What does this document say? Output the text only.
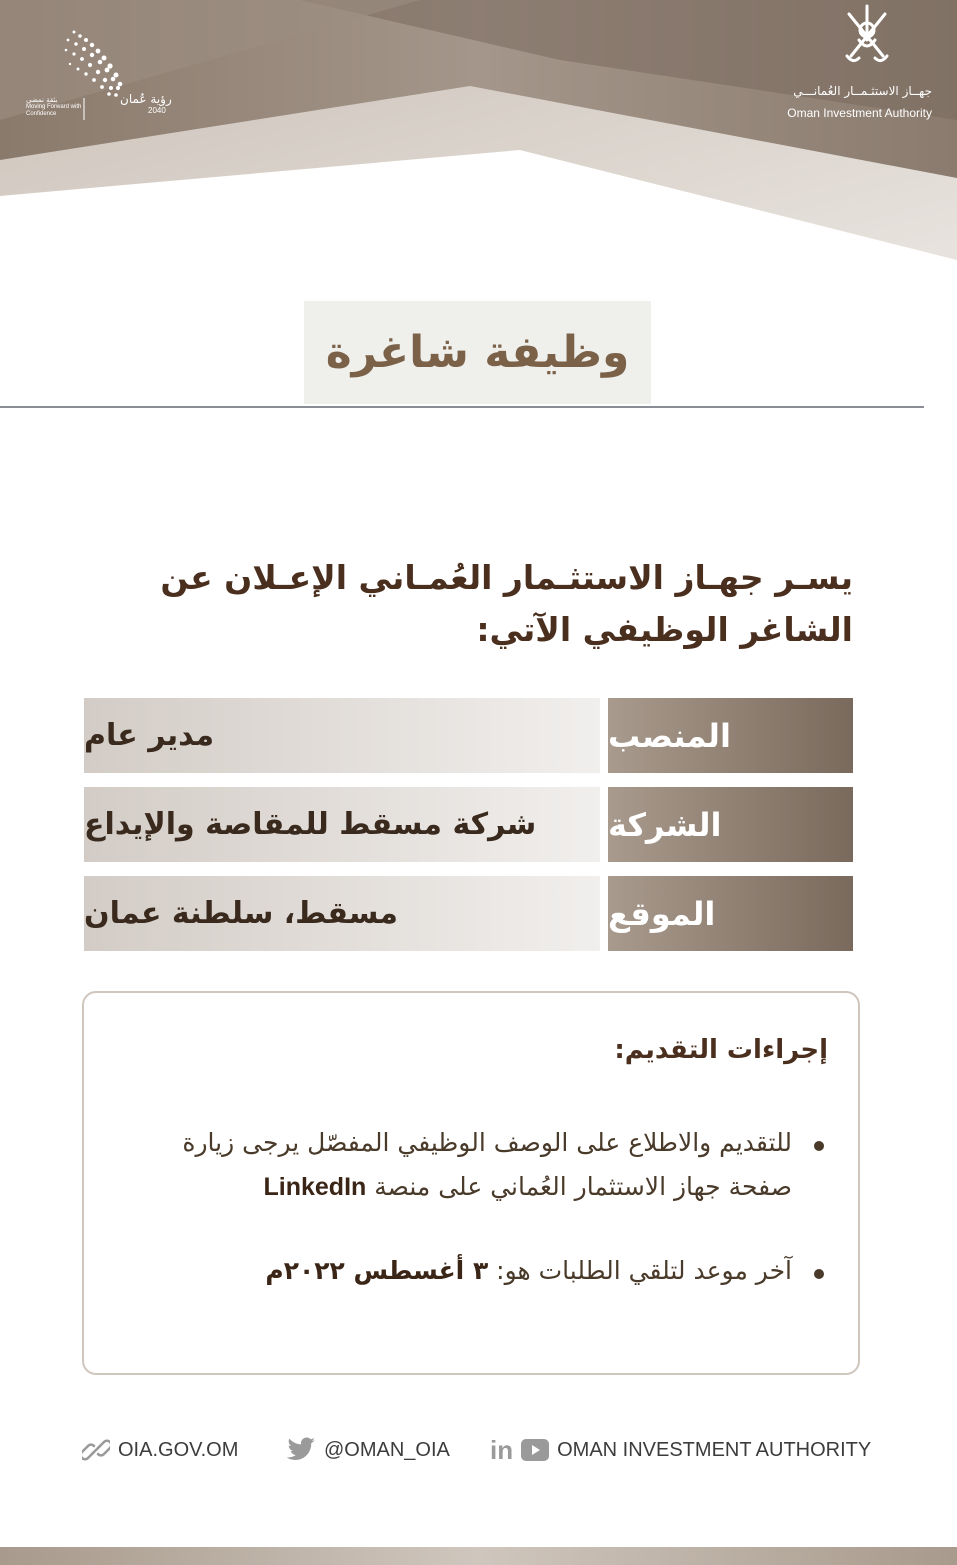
جهــاز الاستثـمــار العُمانـــي
Oman Investment Authority
رؤية عُمان
2040
بثقة نمضي
Moving Forward with Confidence
وظيفة شاغرة
يسـر جهـاز الاستثـمار العُمـاني الإعـلان عن الشاغر الوظيفي الآتي:
مدير عام	المنصب
شركة مسقط للمقاصة والإيداع	الشركة
مسقط، سلطنة عمان	الموقع
إجراءات التقديم:
للتقديم والاطلاع على الوصف الوظيفي المفصّل يرجى زيارة صفحة جهاز الاستثمار العُماني على منصة LinkedIn
آخر موعد لتلقي الطلبات هو: ٣ أغسطس ٢٠٢٢م
OIA.GOV.OM	@OMAN_OIA in OMAN INVESTMENT AUTHORITY
